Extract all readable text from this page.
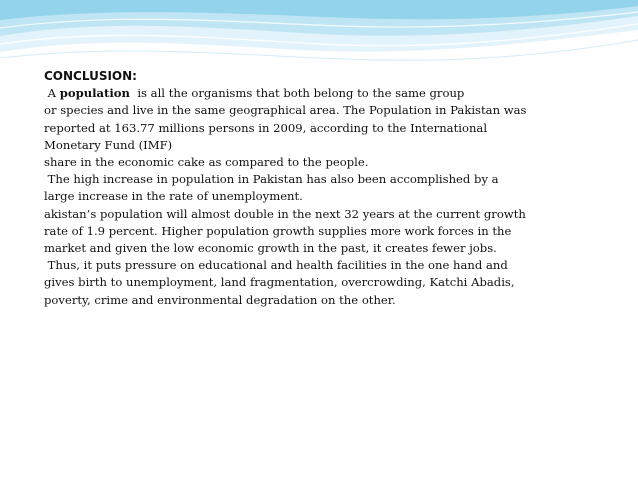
CONCLUSION:

A population  is all the organisms that both belong to the same group

or species and live in the same geographical area. The Population in Pakistan was

reported at 163.77 millions persons in 2009, according to the International

Monetary Fund (IMF)

share in the economic cake as compared to the people.

The high increase in population in Pakistan has also been accomplished by a

large increase in the rate of unemployment.

akistan’s population will almost double in the next 32 years at the current growth

rate of 1.9 percent. Higher population growth supplies more work forces in the

market and given the low economic growth in the past, it creates fewer jobs.

Thus, it puts pressure on educational and health facilities in the one hand and

gives birth to unemployment, land fragmentation, overcrowding, Katchi Abadis,

poverty, crime and environmental degradation on the other.
